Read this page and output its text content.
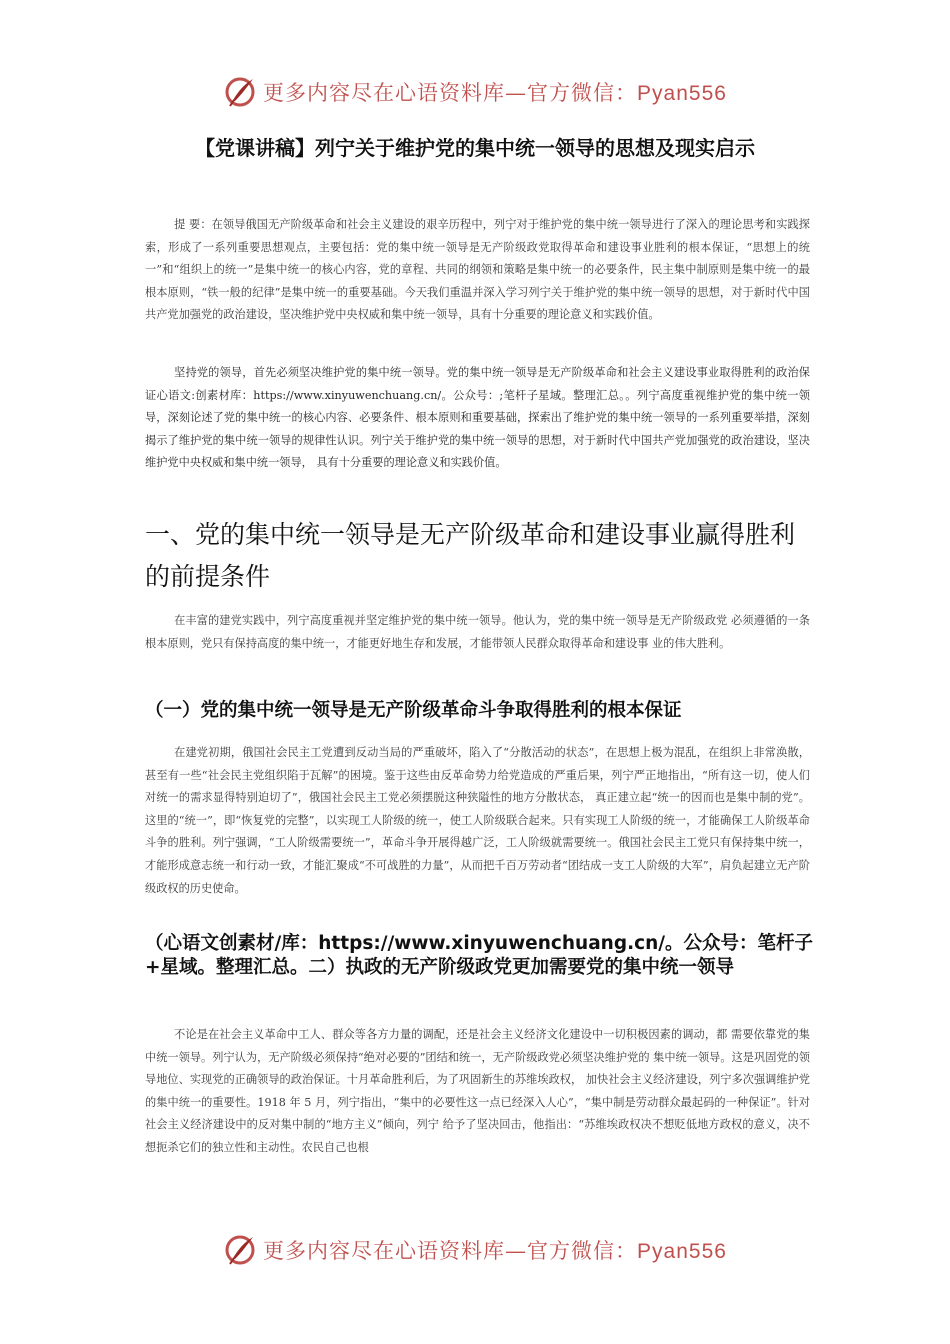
更多内容尽在心语资料库—官方微信：Pyan556
【党课讲稿】列宁关于维护党的集中统一领导的思想及现实启示
提 要：在领导俄国无产阶级革命和社会主义建设的艰辛历程中，列宁对于维护党的集中统一领导进行了深入的理论思考和实践探索，形成了一系列重要思想观点，主要包括：党的集中统一领导是无产阶级政党取得革命和建设事业胜利的根本保证，“思想上的统一”和“组织上的统一”是集中统一的核心内容，党的章程、共同的纲领和策略是集中统一的必要条件，民主集中制原则是集中统一的最根本原则，“铁一般的纪律”是集中统一的重要基础。今天我们重温并深入学习列宁关于维护党的集中统一领导的思想，对于新时代中国共产党加强党的政治建设，坚决维护党中央权威和集中统一领导，具有十分重要的理论意义和实践价值。
坚持党的领导，首先必须坚决维护党的集中统一领导。党的集中统一领导是无产阶级革命和社会主义建设事业取得胜利的政治保证心语文:创素材库：https://www.xinyuwenchuang.cn/。公众号：;笔杆子星域。整理汇总。。列宁高度重视维护党的集中统一领导，深刻论述了党的集中统一的核心内容、必要条件、根本原则和重要基础，探索出了维护党的集中统一领导的一系列重要举措，深刻揭示了维护党的集中统一领导的规律性认识。列宁关于维护党的集中统一领导的思想，对于新时代中国共产党加强党的政治建设，坚决维护党中央权威和集中统一领导， 具有十分重要的理论意义和实践价值。
一、党的集中统一领导是无产阶级革命和建设事业赢得胜利的前提条件
在丰富的建党实践中，列宁高度重视并坚定维护党的集中统一领导。他认为，党的集中统一领导是无产阶级政党 必须遵循的一条根本原则，党只有保持高度的集中统一，才能更好地生存和发展，才能带领人民群众取得革命和建设事 业的伟大胜利。
（一）党的集中统一领导是无产阶级革命斗争取得胜利的根本保证
在建党初期，俄国社会民主工党遭到反动当局的严重破坏，陷入了“分散活动的状态”，在思想上极为混乱，在组织上非常涣散，甚至有一些“社会民主党组织陷于瓦解”的困境。鉴于这些由反革命势力给党造成的严重后果，列宁严正地指出，“所有这一切，使人们对统一的需求显得特别迫切了”，俄国社会民主工党必须摆脱这种狭隘性的地方分散状态， 真正建立起“统一的因而也是集中制的党”。这里的“统一”，即“恢复党的完整”，以实现工人阶级的统一，使工人阶级联合起来。只有实现工人阶级的统一，才能确保工人阶级革命斗争的胜利。列宁强调，“工人阶级需要统一”，革命斗争开展得越广泛，工人阶级就需要统一。俄国社会民主工党只有保持集中统一，才能形成意志统一和行动一致，才能汇聚成“不可战胜的力量”，从而把千百万劳动者“团结成一支工人阶级的大军”，肩负起建立无产阶级政权的历史使命。
（心语文创素材/库：https://www.xinyuwenchuang.cn/。公众号：笔杆子+星域。整理汇总。二）执政的无产阶级政党更加需要党的集中统一领导
不论是在社会主义革命中工人、群众等各方力量的调配，还是社会主义经济文化建设中一切积极因素的调动，都 需要依靠党的集中统一领导。列宁认为，无产阶级必须保持“绝对必要的”团结和统一，无产阶级政党必须坚决维护党的 集中统一领导。这是巩固党的领导地位、实现党的正确领导的政治保证。十月革命胜利后，为了巩固新生的苏维埃政权， 加快社会主义经济建设，列宁多次强调维护党的集中统一的重要性。1918 年 5 月，列宁指出，“集中的必要性这一点已经深入人心”，“集中制是劳动群众最起码的一种保证”。针对社会主义经济建设中的反对集中制的“地方主义”倾向，列宁 给予了坚决回击，他指出：“苏维埃政权决不想贬低地方政权的意义，决不想扼杀它们的独立性和主动性。农民自己也根
更多内容尽在心语资料库—官方微信：Pyan556
